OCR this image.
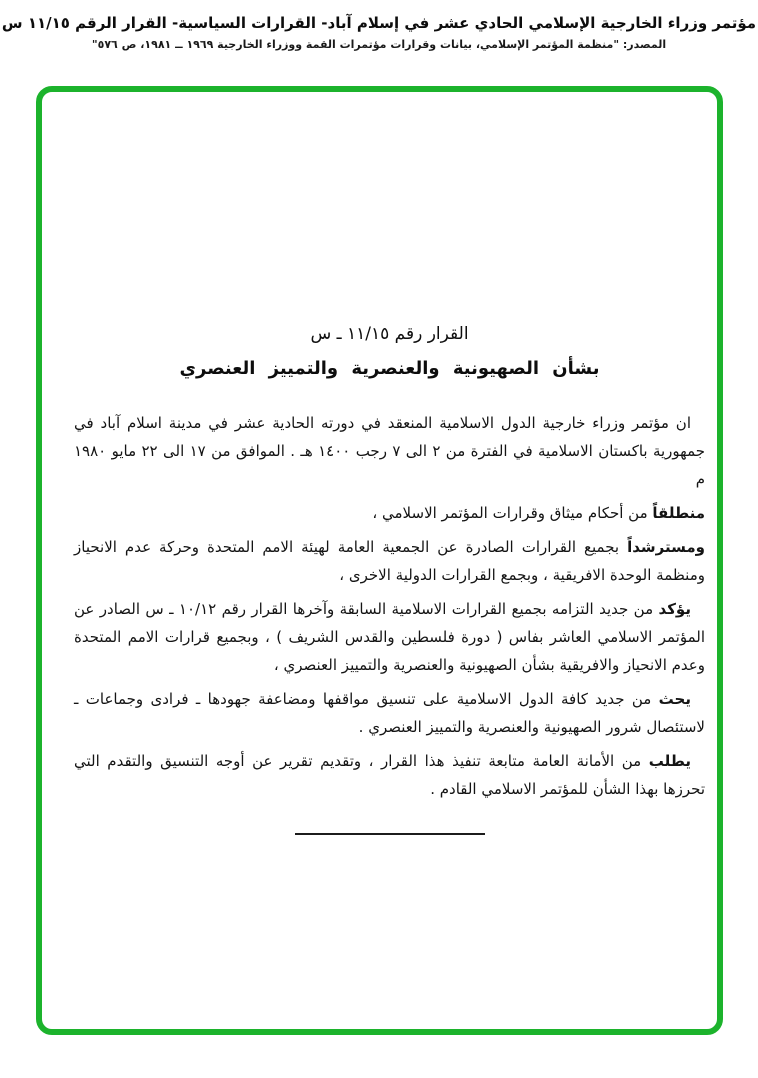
مؤتمر وزراء الخارجية الإسلامي الحادي عشر في إسلام آباد- القرارات السياسية- القرار الرقم ١١/١٥ س
المصدر: "منظمة المؤتمر الإسلامي، بيانات وقرارات مؤتمرات القمة ووزراء الخارجية ١٩٦٩ ــ ١٩٨١، ص ٥٧٦"
القرار رقم ١١/١٥ ـ س
بشأن الصهيونية والعنصرية والتمييز العنصري

ان مؤتمر وزراء خارجية الدول الاسلامية المنعقد في دورته الحادية عشر في مدينة اسلام آباد في جمهورية باكستان الاسلامية في الفترة من ٢ الى ٧ رجب ١٤٠٠ هـ . الموافق من ١٧ الى ٢٢ مايو ١٩٨٠ م

منطلقاً من أحكام ميثاق وقرارات المؤتمر الاسلامي ،

ومسترشداً بجميع القرارات الصادرة عن الجمعية العامة لهيئة الامم المتحدة وحركة عدم الانحياز ومنظمة الوحدة الافريقية ، وبجمع القرارات الدولية الاخرى ،

يؤكد من جديد التزامه بجميع القرارات الاسلامية السابقة وآخرها القرار رقم ١٠/١٢ ـ س الصادر عن المؤتمر الاسلامي العاشر بفاس ( دورة فلسطين والقدس الشريف ) ، وبجميع قرارات الامم المتحدة وعدم الانحياز والافريقية بشأن الصهيونية والعنصرية والتمييز العنصري ،

يحث من جديد كافة الدول الاسلامية على تنسيق مواقفها ومضاعفة جهودها ـ فرادى وجماعات ـ لاستئصال شرور الصهيونية والعنصرية والتمييز العنصري .

يطلب من الأمانة العامة متابعة تنفيذ هذا القرار ، وتقديم تقرير عن أوجه التنسيق والتقدم التي تحرزها بهذا الشأن للمؤتمر الاسلامي القادم .
